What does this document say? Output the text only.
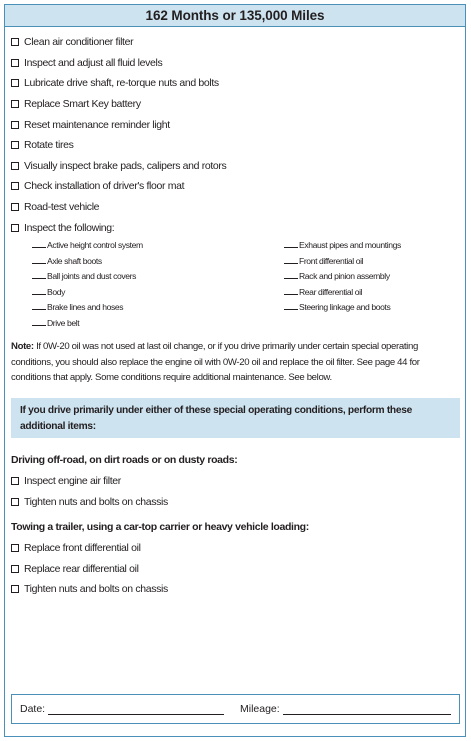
162 Months or 135,000 Miles
Clean air conditioner filter
Inspect and adjust all fluid levels
Lubricate drive shaft, re-torque nuts and bolts
Replace Smart Key battery
Reset maintenance reminder light
Rotate tires
Visually inspect brake pads, calipers and rotors
Check installation of driver's floor mat
Road-test vehicle
Inspect the following:
Active height control system
Axle shaft boots
Ball joints and dust covers
Body
Brake lines and hoses
Drive belt
Exhaust pipes and mountings
Front differential oil
Rack and pinion assembly
Rear differential oil
Steering linkage and boots
Note: If 0W-20 oil was not used at last oil change, or if you drive primarily under certain special operating conditions, you should also replace the engine oil with 0W-20 oil and replace the oil filter. See page 44 for conditions that apply. Some conditions require additional maintenance. See below.
If you drive primarily under either of these special operating conditions, perform these additional items:
Driving off-road, on dirt roads or on dusty roads:
Inspect engine air filter
Tighten nuts and bolts on chassis
Towing a trailer, using a car-top carrier or heavy vehicle loading:
Replace front differential oil
Replace rear differential oil
Tighten nuts and bolts on chassis
Date:	Mileage:
